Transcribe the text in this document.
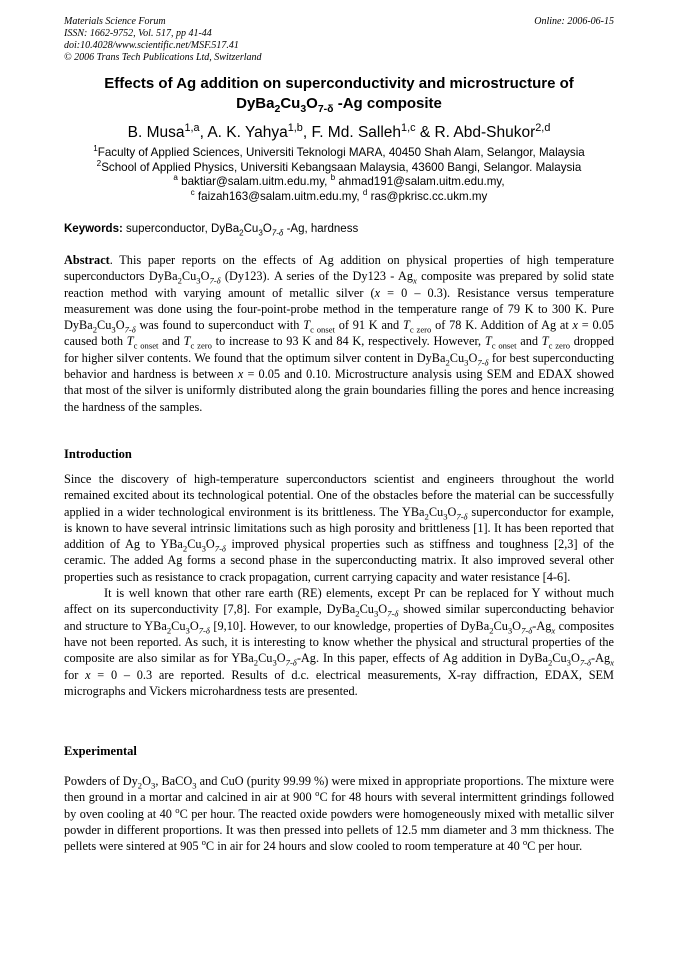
Materials Science Forum
ISSN: 1662-9752, Vol. 517, pp 41-44
doi:10.4028/www.scientific.net/MSF.517.41
© 2006 Trans Tech Publications Ltd, Switzerland
Online: 2006-06-15
Effects of Ag addition on superconductivity and microstructure of
$DyBa_2Cu_3O_{7-\delta}$ -Ag composite
B. Musa$^{1,a}$, A. K. Yahya$^{1,b}$, F. Md. Salleh$^{1,c}$ & R. Abd-Shukor$^{2,d}$
$^1$Faculty of Applied Sciences, Universiti Teknologi MARA, 40450 Shah Alam, Selangor, Malaysia
$^2$School of Applied Physics, Universiti Kebangsaan Malaysia, 43600 Bangi, Selangor. Malaysia
$^a$ baktiar@salam.uitm.edu.my, $^b$ ahmad191@salam.uitm.edu.my,
$^c$ faizah163@salam.uitm.edu.my, $^d$ ras@pkrisc.cc.ukm.my
Keywords: superconductor, $DyBa_2Cu_3O_{7-\delta}$ -Ag, hardness
Abstract. This paper reports on the effects of Ag addition on physical properties of high temperature superconductors $DyBa_2Cu_3O_{7-\delta}$ (Dy123). A series of the $Dy123 - Ag_x$ composite was prepared by solid state reaction method with varying amount of metallic silver (x = 0 – 0.3). Resistance versus temperature measurement was done using the four-point-probe method in the temperature range of 79 K to 300 K. Pure $DyBa_2Cu_3O_{7-\delta}$ was found to superconduct with $T_{c onset}$ of 91 K and $T_{c zero}$ of 78 K. Addition of Ag at x = 0.05 caused both $T_{c onset}$ and $T_{c zero}$ to increase to 93 K and 84 K, respectively. However, $T_{c onset}$ and $T_{c zero}$ dropped for higher silver contents. We found that the optimum silver content in $DyBa_2Cu_3O_{7-\delta}$ for best superconducting behavior and hardness is between x = 0.05 and 0.10. Microstructure analysis using SEM and EDAX showed that most of the silver is uniformly distributed along the grain boundaries filling the pores and hence increasing the hardness of the samples.
Introduction

Since the discovery of high-temperature superconductors scientist and engineers throughout the world remained excited about its technological potential. One of the obstacles before the material can be successfully applied in a wider technological environment is its brittleness. The $YBa_2Cu_3O_{7-\delta}$ superconductor for example, is known to have several intrinsic limitations such as high porosity and brittleness [1]. It has been reported that addition of Ag to $YBa_2Cu_3O_{7-\delta}$ improved physical properties such as stiffness and toughness [2,3] of the ceramic. The added Ag forms a second phase in the superconducting matrix. It also improved several other properties such as resistance to crack propagation, current carrying capacity and water resistance [4-6].

It is well known that other rare earth (RE) elements, except Pr can be replaced for Y without much affect on its superconductivity [7,8]. For example, $DyBa_2Cu_3O_{7-\delta}$ showed similar superconducting behavior and structure to $YBa_2Cu_3O_{7-\delta}$ [9,10]. However, to our knowledge, properties of $DyBa_2Cu_3O_{7-\delta}-Ag_x$ composites have not been reported. As such, it is interesting to know whether the physical and structural properties of the composite are also similar as for $YBa_2Cu_3O_{7-\delta}-Ag$. In this paper, effects of Ag addition in $DyBa_2Cu_3O_{7-\delta}-Ag_x$ for x = 0 – 0.3 are reported. Results of d.c. electrical measurements, X-ray diffraction, EDAX, SEM micrographs and Vickers microhardness tests are presented.

Experimental
Powders of $Dy_2O_3$, BaCO$_3$ and CuO (purity 99.99 %) were mixed in appropriate proportions. The mixture were then ground in a mortar and calcined in air at 900 $^o$C for 48 hours with several intermittent grindings followed by oven cooling at 40 $^o$C per hour. The reacted oxide powders were homogeneously mixed with metallic silver powder in different proportions. It was then pressed into pellets of 12.5 mm diameter and 3 mm thickness. The pellets were sintered at 905 $^o$C in air for 24 hours and slow cooled to room temperature at 40 $^o$C per hour.
